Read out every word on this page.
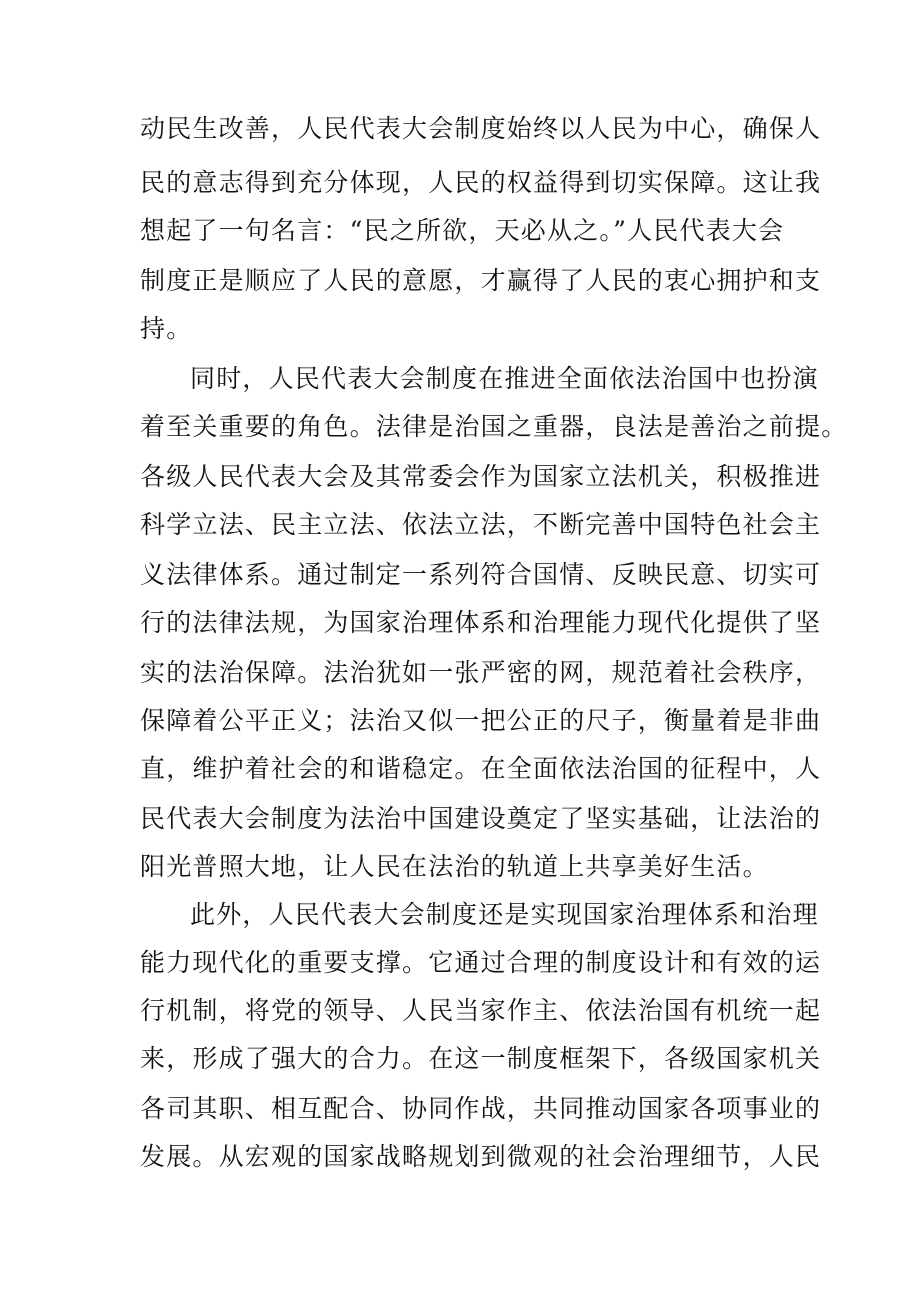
动民生改善，人民代表大会制度始终以人民为中心，确保人
民的意志得到充分体现，人民的权益得到切实保障。这让我
想起了一句名言：“民之所欲，天必从之。”人民代表大会
制度正是顺应了人民的意愿，才赢得了人民的衷心拥护和支
持。
同时，人民代表大会制度在推进全面依法治国中也扮演
着至关重要的角色。法律是治国之重器，良法是善治之前提。
各级人民代表大会及其常委会作为国家立法机关，积极推进
科学立法、民主立法、依法立法，不断完善中国特色社会主
义法律体系。通过制定一系列符合国情、反映民意、切实可
行的法律法规，为国家治理体系和治理能力现代化提供了坚
实的法治保障。法治犹如一张严密的网，规范着社会秩序，
保障着公平正义；法治又似一把公正的尺子，衡量着是非曲
直，维护着社会的和谐稳定。在全面依法治国的征程中，人
民代表大会制度为法治中国建设奠定了坚实基础，让法治的
阳光普照大地，让人民在法治的轨道上共享美好生活。
此外，人民代表大会制度还是实现国家治理体系和治理
能力现代化的重要支撑。它通过合理的制度设计和有效的运
行机制，将党的领导、人民当家作主、依法治国有机统一起
来，形成了强大的合力。在这一制度框架下，各级国家机关
各司其职、相互配合、协同作战，共同推动国家各项事业的
发展。从宏观的国家战略规划到微观的社会治理细节，人民
